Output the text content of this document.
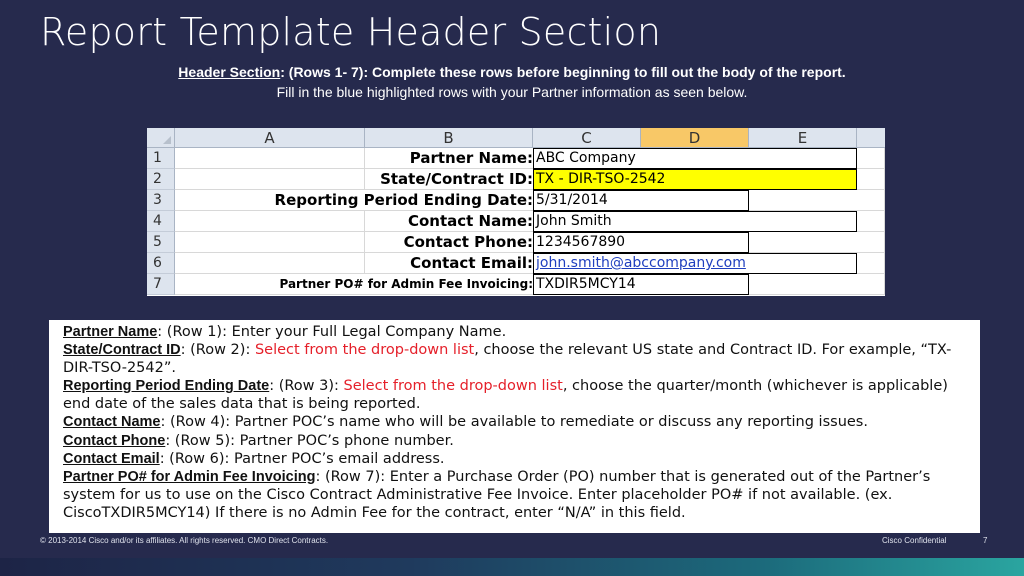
Report Template Header Section
Header Section: (Rows 1- 7): Complete these rows before beginning to fill out the body of the report.
Fill in the blue highlighted rows with your Partner information as seen below.
A	B	C	D	E
1	Partner Name: ABC Company
2	State/Contract ID: TX - DIR-TSO-2542
3	Reporting Period Ending Date: 5/31/2014
4	Contact Name: John Smith
5	Contact Phone: 1234567890
6	Contact Email: john.smith@abccompany.com
7	Partner PO# for Admin Fee Invoicing: TXDIR5MCY14

Partner Name: (Row 1): Enter your Full Legal Company Name.

State/Contract ID: (Row 2): Select from the drop-down list, choose the relevant US state and Contract ID. For example, “TX-DIR-TSO-2542”.

Reporting Period Ending Date: (Row 3): Select from the drop-down list, choose the quarter/month (whichever is applicable) end date of the sales data that is being reported.

Contact Name: (Row 4): Partner POC’s name who will be available to remediate or discuss any reporting issues.

Contact Phone: (Row 5): Partner POC’s phone number.

Contact Email: (Row 6): Partner POC’s email address.

Partner PO# for Admin Fee Invoicing: (Row 7): Enter a Purchase Order (PO) number that is generated out of the Partner’s system for us to use on the Cisco Contract Administrative Fee Invoice. Enter placeholder PO# if not available. (ex. CiscoTXDIR5MCY14) If there is no Admin Fee for the contract, enter “N/A” in this field.

© 2013-2014 Cisco and/or its affiliates. All rights reserved. CMO Direct Contracts.	Cisco Confidential	7
